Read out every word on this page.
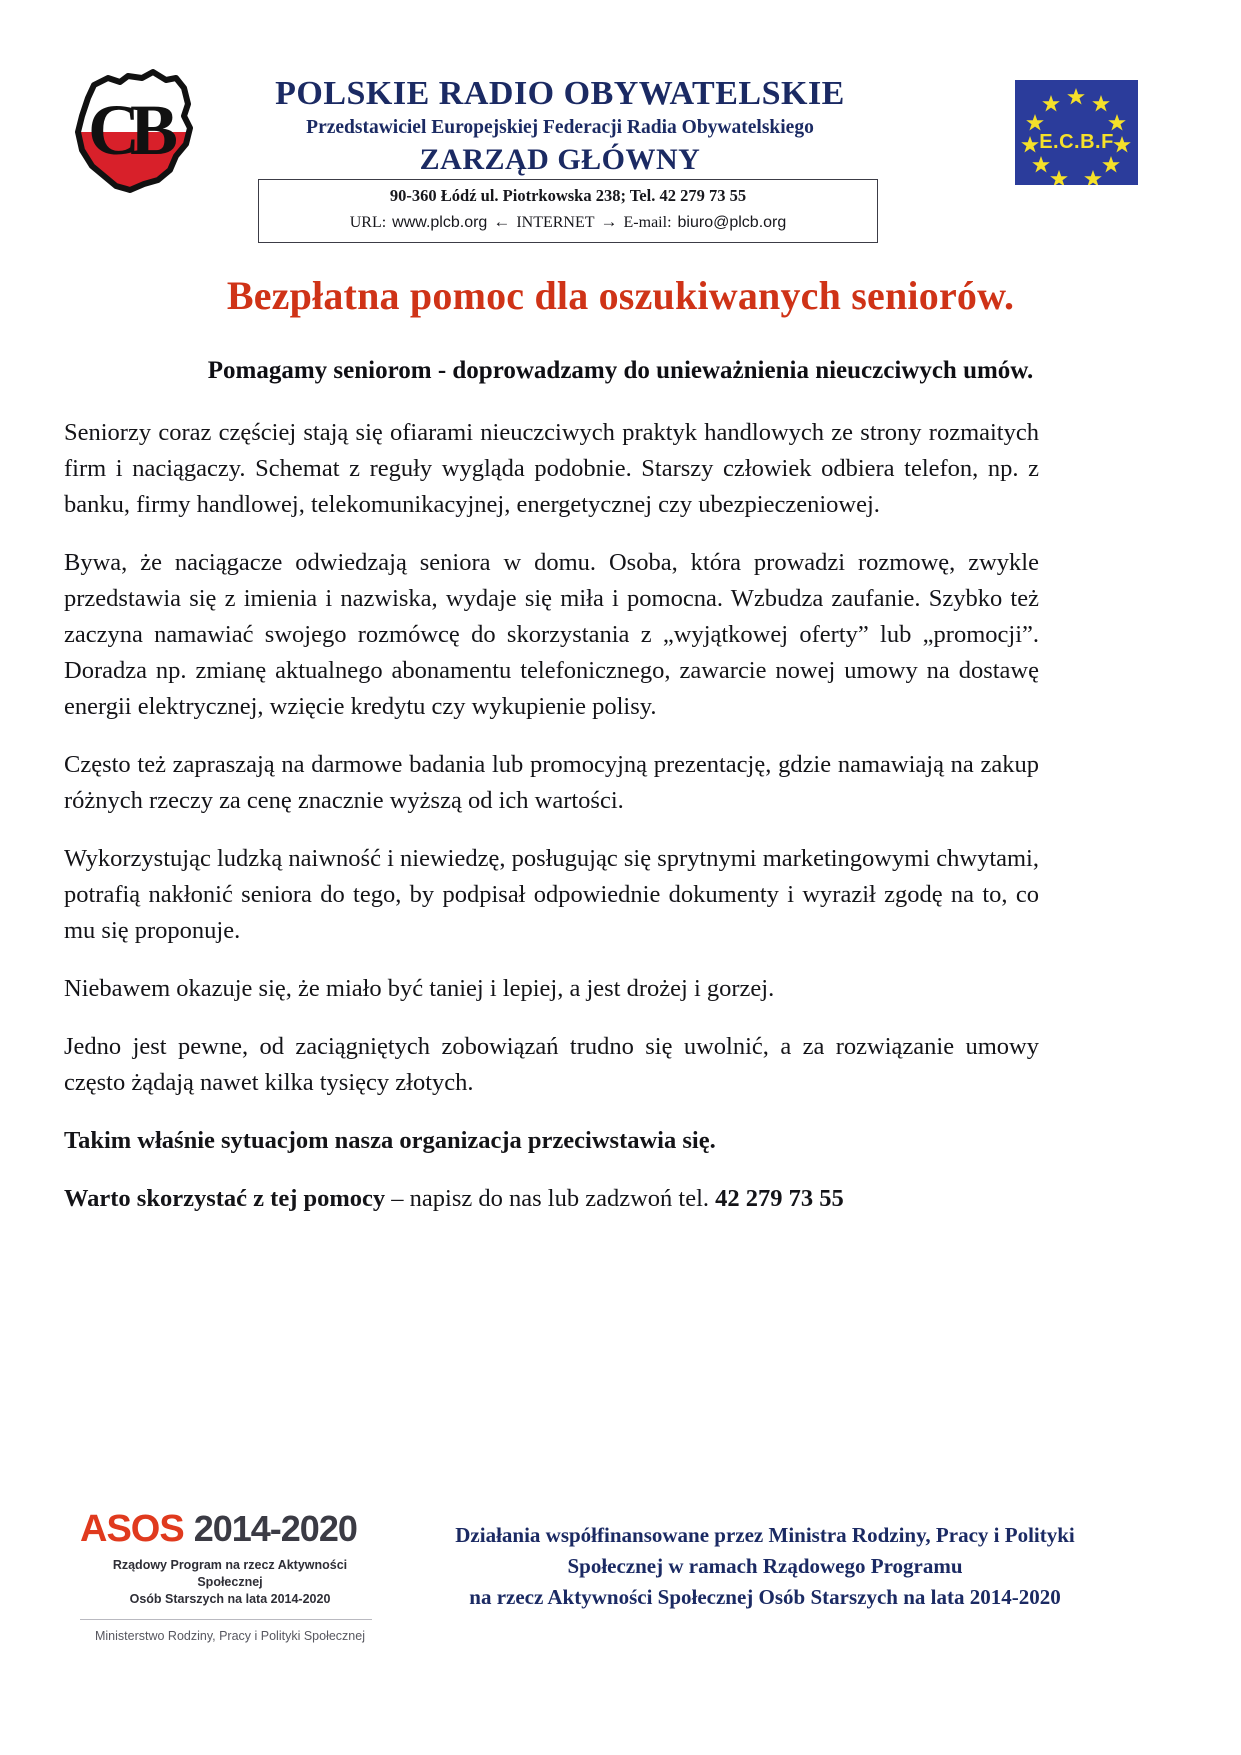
C
B	POLSKIE RADIO OBYWATELSKIE
Przedstawiciel Europejskiej Federacji Radia Obywatelskiego
ZARZĄD GŁÓWNY
90-360 Łódź ul. Piotrkowska 238; Tel. 42 279 73 55
URL: www.plcb.org ← INTERNET → E-mail: biuro@plcb.org
E.C.B.F
Bezpłatna pomoc dla oszukiwanych seniorów.
Pomagamy seniorom - doprowadzamy do unieważnienia nieuczciwych umów.

Seniorzy coraz częściej stają się ofiarami nieuczciwych praktyk handlowych ze strony rozmaitych firm i naciągaczy. Schemat z reguły wygląda podobnie. Starszy człowiek odbiera telefon, np. z banku, firmy handlowej, telekomunikacyjnej, energetycznej czy ubezpieczeniowej.

Bywa, że naciągacze odwiedzają seniora w domu. Osoba, która prowadzi rozmowę, zwykle przedstawia się z imienia i nazwiska, wydaje się miła i pomocna. Wzbudza zaufanie. Szybko też zaczyna namawiać swojego rozmówcę do skorzystania z „wyjątkowej oferty” lub „promocji”. Doradza np. zmianę aktualnego abonamentu telefonicznego, zawarcie nowej umowy na dostawę energii elektrycznej, wzięcie kredytu czy wykupienie polisy.

Często też zapraszają na darmowe badania lub promocyjną prezentację, gdzie namawiają na zakup różnych rzeczy za cenę znacznie wyższą od ich wartości.

Wykorzystując ludzką naiwność i niewiedzę, posługując się sprytnymi marketingowymi chwytami, potrafią nakłonić seniora do tego, by podpisał odpowiednie dokumenty i wyraził zgodę na to, co mu się proponuje.

Niebawem okazuje się, że miało być taniej i lepiej, a jest drożej i gorzej.

Jedno jest pewne, od zaciągniętych zobowiązań trudno się uwolnić, a za rozwiązanie umowy często żądają nawet kilka tysięcy złotych.

Takim właśnie sytuacjom nasza organizacja przeciwstawia się.

Warto skorzystać z tej pomocy – napisz do nas lub zadzwoń tel. 42 279 73 55

ASOS 2014-2020
Rządowy Program na rzecz Aktywności Społecznej
Osób Starszych na lata 2014-2020
Ministerstwo Rodziny, Pracy i Polityki Społecznej
Działania współfinansowane przez Ministra Rodziny, Pracy i Polityki
Społecznej w ramach Rządowego Programu
na rzecz Aktywności Społecznej Osób Starszych na lata 2014-2020
